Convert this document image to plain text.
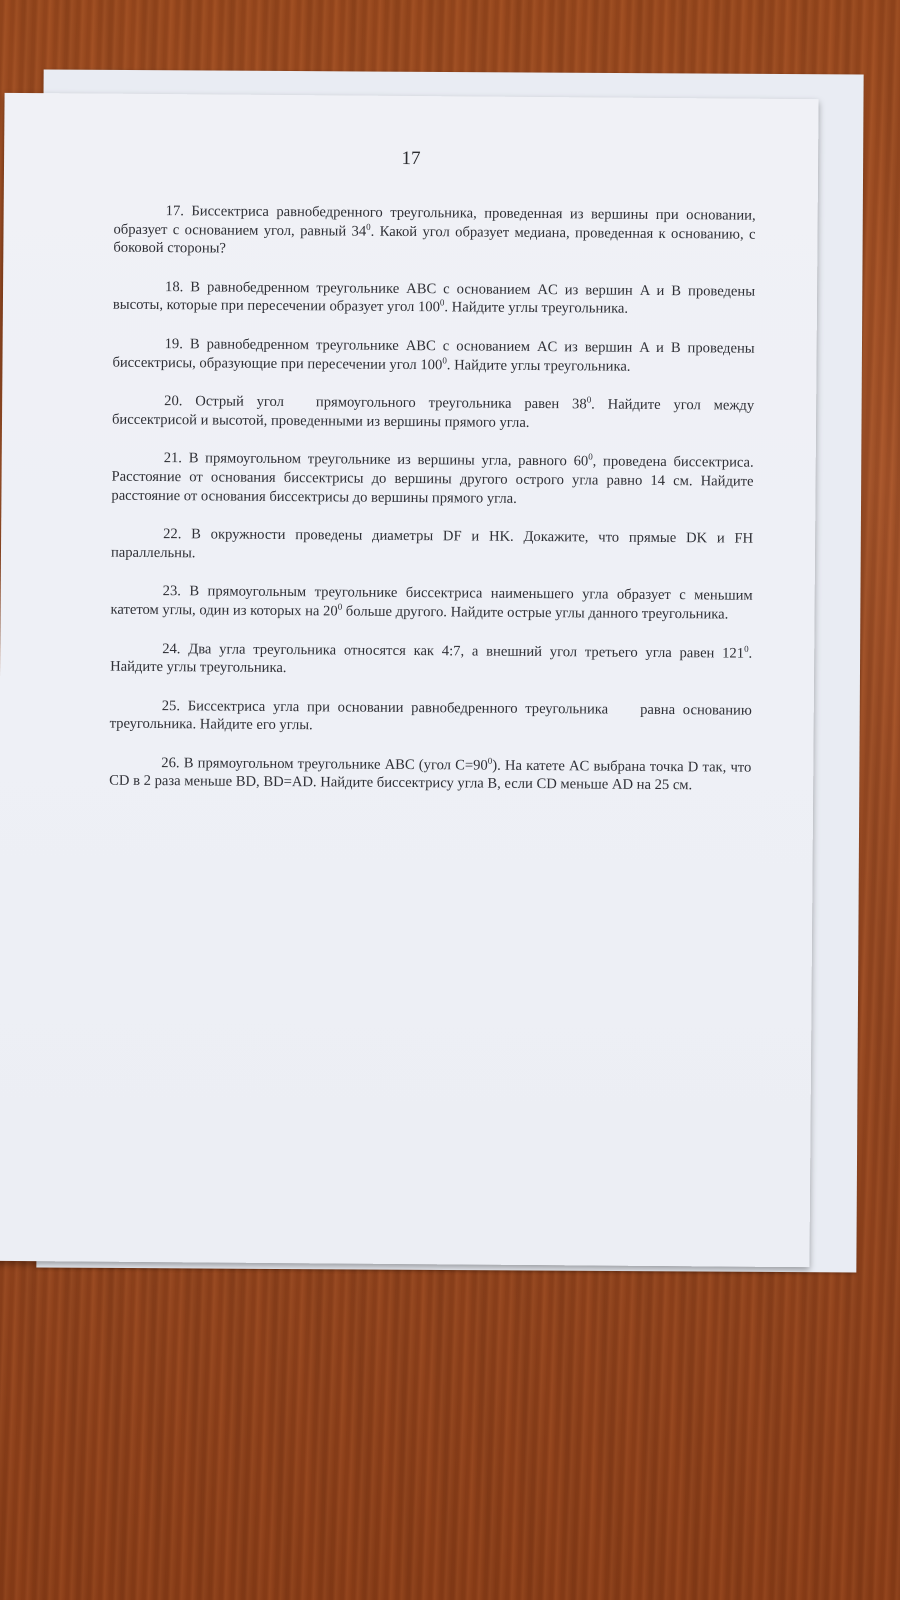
17

17. Биссектриса равнобедренного треугольника, проведенная из вершины при основании, образует с основанием угол, равный $34^0$. Какой угол образует медиана, проведенная к основанию, с боковой стороны?

18. В равнобедренном треугольнике ABC с основанием AC из вершин A и B проведены высоты, которые при пересечении образует угол $100^0$. Найдите углы треугольника.

19. В равнобедренном треугольнике ABC с основанием AC из вершин A и B проведены биссектрисы, образующие при пересечении угол $100^0$. Найдите углы треугольника.

20. Острый угол прямоугольного треугольника равен $38^0$. Найдите угол между биссектрисой и высотой, проведенными из вершины прямого угла.

21. В прямоугольном треугольнике из вершины угла, равного $60^0$, проведена биссектриса. Расстояние от основания биссектрисы до вершины другого острого угла равно 14 см. Найдите расстояние от основания биссектрисы до вершины прямого угла.

22. В окружности проведены диаметры DF и HK. Докажите, что прямые DK и FH параллельны.

23. В прямоугольным треугольнике биссектриса наименьшего угла образует с меньшим катетом углы, один из которых на $20^0$ больше другого. Найдите острые углы данного треугольника.

24. Два угла треугольника относятся как 4:7, а внешний угол третьего угла равен $121^0$. Найдите углы треугольника.

25. Биссектриса угла при основании равнобедренного треугольника равна основанию треугольника. Найдите его углы.

26. В прямоугольном треугольнике ABC (угол $C=90^0$). На катете AC выбрана точка D так, что CD в 2 раза меньше BD, BD=AD. Найдите биссектрису угла B, если CD меньше AD на 25 см.
